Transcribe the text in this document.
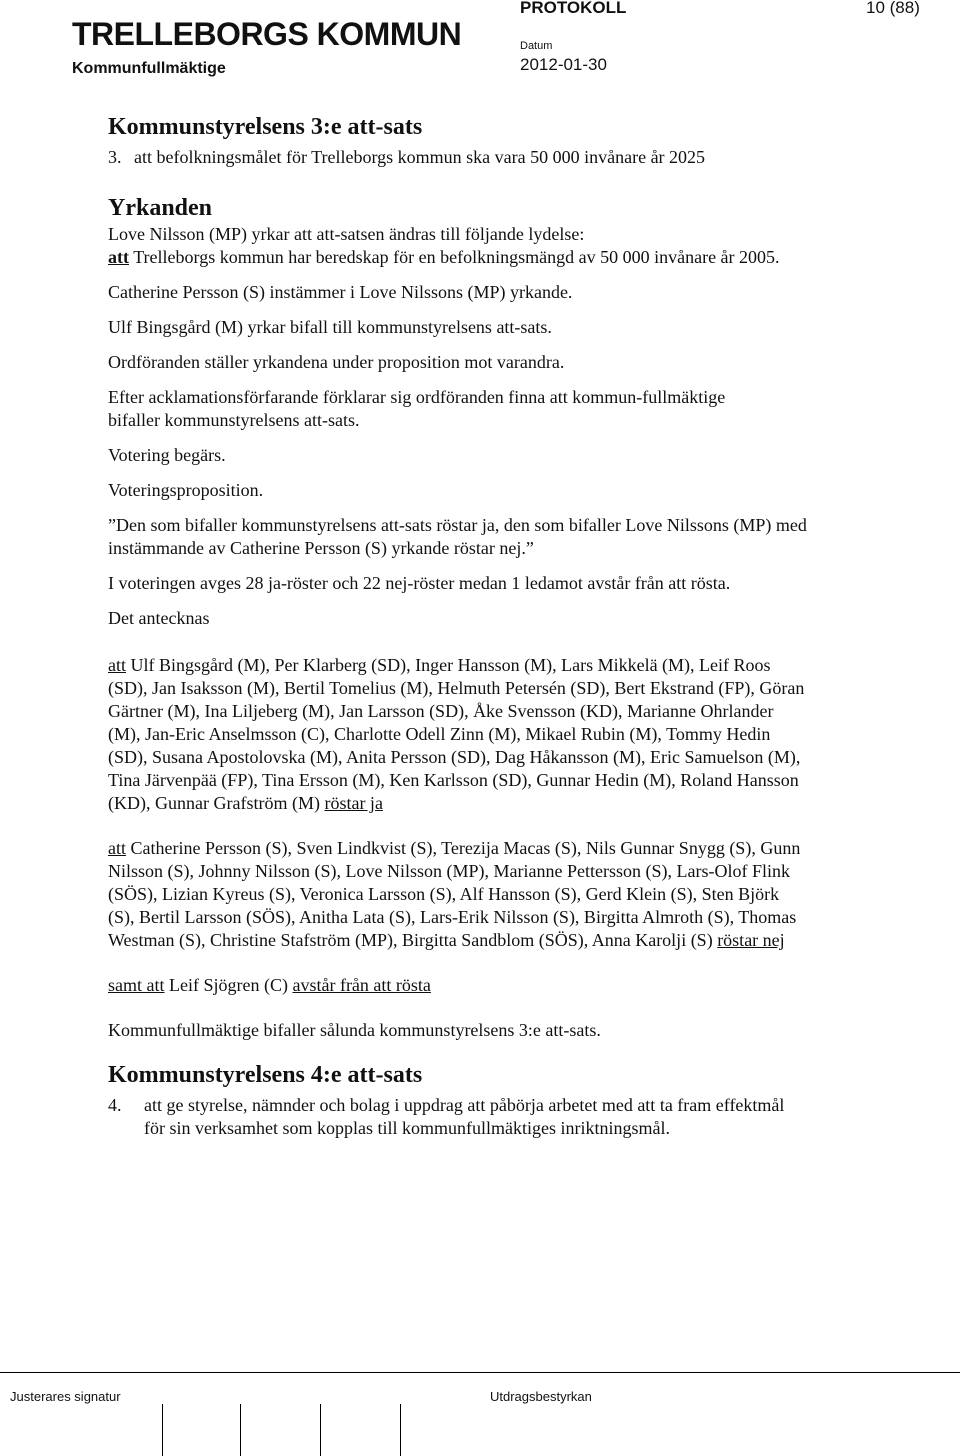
TRELLEBORGS KOMMUN
Kommunfullmäktige
PROTOKOLL	10 (88)
Datum
2012-01-30
Kommunstyrelsens 3:e att-sats

3. att befolkningsmålet för Trelleborgs kommun ska vara 50 000 invånare år 2025

Yrkanden

Love Nilsson (MP) yrkar att att-satsen ändras till följande lydelse:
att Trelleborgs kommun har beredskap för en befolkningsmängd av 50 000 invånare år 2005.

Catherine Persson (S) instämmer i Love Nilssons (MP) yrkande.

Ulf Bingsgård (M) yrkar bifall till kommunstyrelsens att-sats.

Ordföranden ställer yrkandena under proposition mot varandra.

Efter acklamationsförfarande förklarar sig ordföranden finna att kommun-fullmäktige bifaller kommunstyrelsens att-sats.

Votering begärs.

Voteringsproposition.

”Den som bifaller kommunstyrelsens att-sats röstar ja, den som bifaller Love Nilssons (MP) med instämmande av Catherine Persson (S) yrkande röstar nej.”

I voteringen avges 28 ja-röster och 22 nej-röster medan 1 ledamot avstår från att rösta.

Det antecknas

att Ulf Bingsgård (M), Per Klarberg (SD), Inger Hansson (M), Lars Mikkelä (M), Leif Roos (SD), Jan Isaksson (M), Bertil Tomelius (M), Helmuth Petersén (SD), Bert Ekstrand (FP), Göran Gärtner (M), Ina Liljeberg (M), Jan Larsson (SD), Åke Svensson (KD), Marianne Ohrlander (M), Jan-Eric Anselmsson (C), Charlotte Odell Zinn (M), Mikael Rubin (M), Tommy Hedin (SD), Susana Apostolovska (M), Anita Persson (SD), Dag Håkansson (M), Eric Samuelson (M), Tina Järvenpää (FP), Tina Ersson (M), Ken Karlsson (SD), Gunnar Hedin (M), Roland Hansson (KD), Gunnar Grafström (M) röstar ja

att Catherine Persson (S), Sven Lindkvist (S), Terezija Macas (S), Nils Gunnar Snygg (S), Gunn Nilsson (S), Johnny Nilsson (S), Love Nilsson (MP), Marianne Pettersson (S), Lars-Olof Flink (SÖS), Lizian Kyreus (S), Veronica Larsson (S), Alf Hansson (S), Gerd Klein (S), Sten Björk (S), Bertil Larsson (SÖS), Anitha Lata (S), Lars-Erik Nilsson (S), Birgitta Almroth (S), Thomas Westman (S), Christine Stafström (MP), Birgitta Sandblom (SÖS), Anna Karolji (S) röstar nej

samt att Leif Sjögren (C) avstår från att rösta

Kommunfullmäktige bifaller sålunda kommunstyrelsens 3:e att-sats.

Kommunstyrelsens 4:e att-sats

4.	att ge styrelse, nämnder och bolag i uppdrag att påbörja arbetet med att ta fram effektmål för sin verksamhet som kopplas till kommunfullmäktiges inriktningsmål.

Justerares signatur	Utdragsbestyrkan
